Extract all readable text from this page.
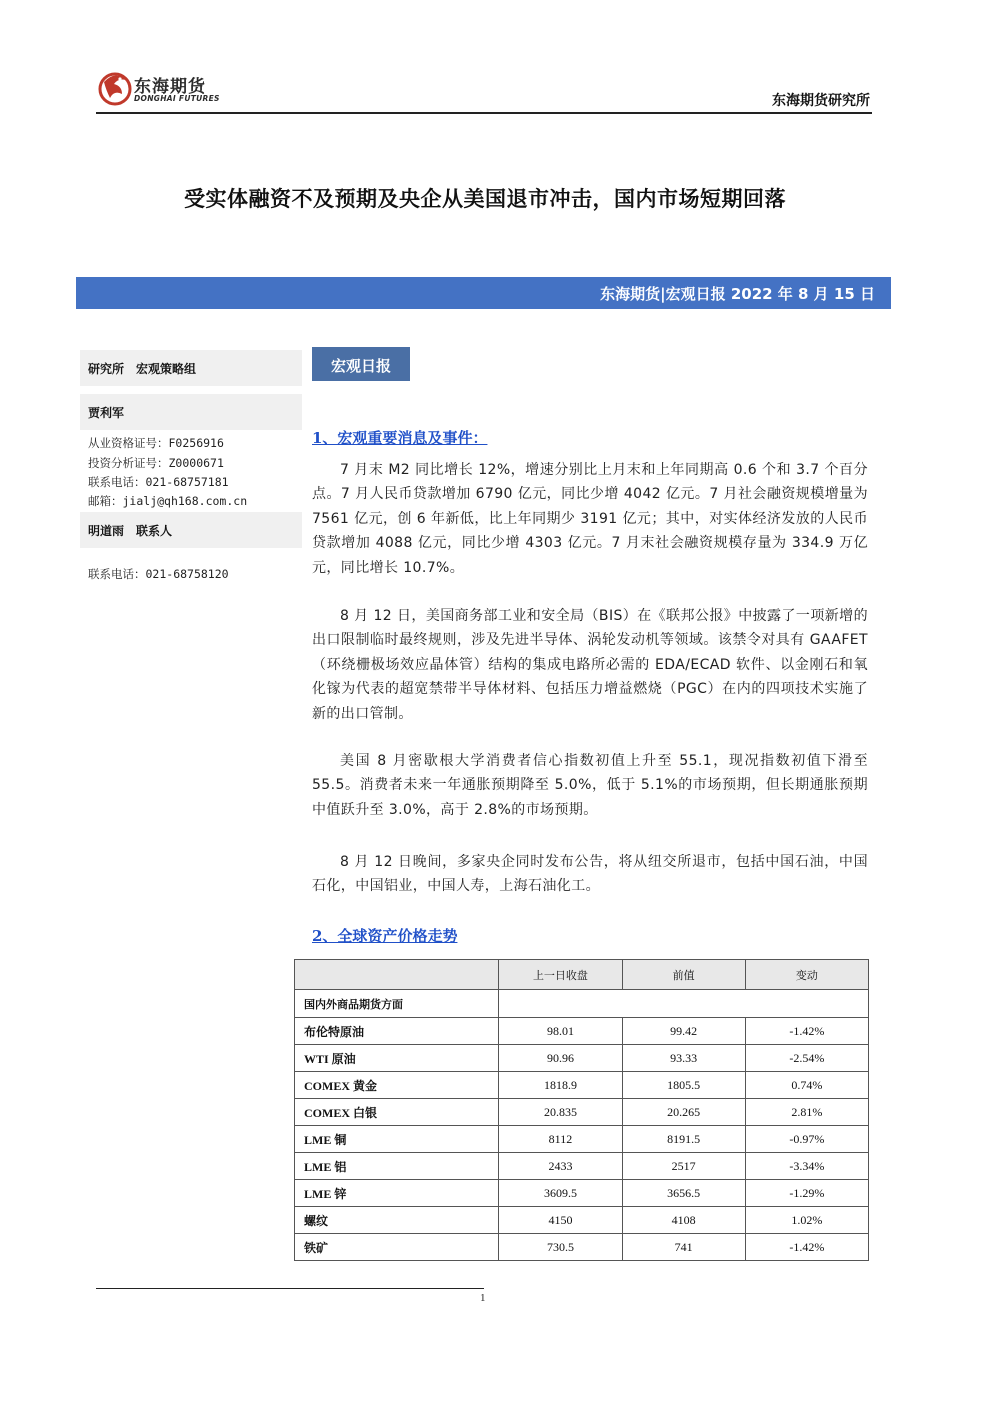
东海期货
DONGHAI FUTURES	东海期货研究所
受实体融资不及预期及央企从美国退市冲击，国内市场短期回落
东海期货|宏观日报 2022 年 8 月 15 日
研究所　宏观策略组
贾利军
从业资格证号：F0256916
投资分析证号：Z0000671
联系电话：021-68757181
邮箱：jialj@qh168.com.cn
明道雨　联系人
联系电话：021-68758120
宏观日报
1、宏观重要消息及事件：
7 月末 M2 同比增长 12%，增速分别比上月末和上年同期高 0.6 个和 3.7 个百分点。7 月人民币贷款增加 6790 亿元，同比少增 4042 亿元。7 月社会融资规模增量为 7561 亿元，创 6 年新低，比上年同期少 3191 亿元；其中，对实体经济发放的人民币贷款增加 4088 亿元，同比少增 4303 亿元。7 月末社会融资规模存量为 334.9 万亿元，同比增长 10.7%。
8 月 12 日，美国商务部工业和安全局（BIS）在《联邦公报》中披露了一项新增的出口限制临时最终规则，涉及先进半导体、涡轮发动机等领域。该禁令对具有 GAAFET（环绕栅极场效应晶体管）结构的集成电路所必需的 EDA/ECAD 软件、以金刚石和氧化镓为代表的超宽禁带半导体材料、包括压力增益燃烧（PGC）在内的四项技术实施了新的出口管制。
美国 8 月密歇根大学消费者信心指数初值上升至 55.1，现况指数初值下滑至 55.5。消费者未来一年通胀预期降至 5.0%，低于 5.1%的市场预期，但长期通胀预期中值跃升至 3.0%，高于 2.8%的市场预期。
8 月 12 日晚间，多家央企同时发布公告，将从纽交所退市，包括中国石油，中国石化，中国铝业，中国人寿，上海石油化工。
2、全球资产价格走势
	上一日收盘	前值	变动
国内外商品期货方面			
布伦特原油	98.01	99.42	-1.42%
WTI 原油	90.96	93.33	-2.54%
COMEX 黄金	1818.9	1805.5	0.74%
COMEX 白银	20.835	20.265	2.81%
LME 铜	8112	8191.5	-0.97%
LME 铝	2433	2517	-3.34%
LME 锌	3609.5	3656.5	-1.29%
螺纹	4150	4108	1.02%
铁矿	730.5	741	-1.42%
1
